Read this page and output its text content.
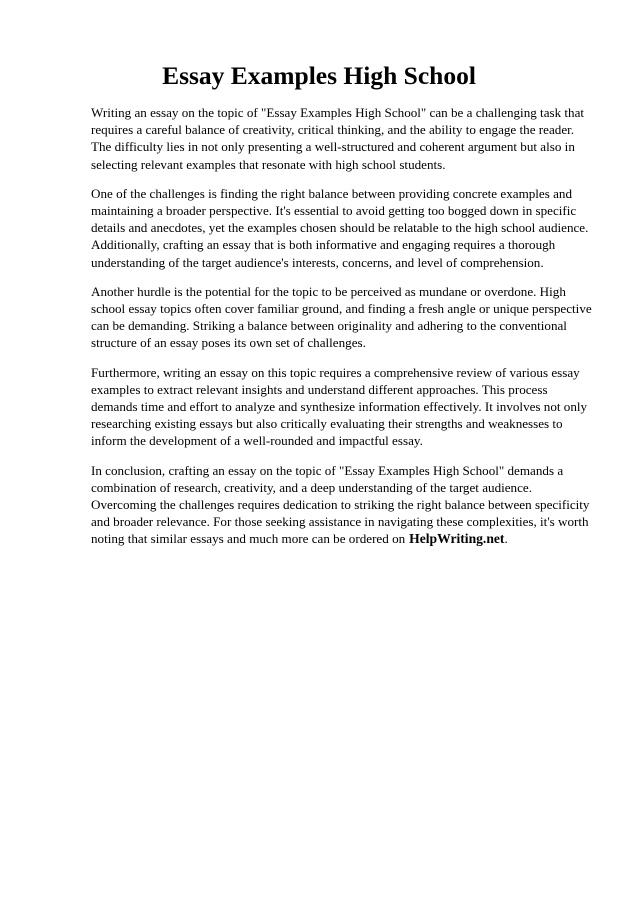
Essay Examples High School

Writing an essay on the topic of "Essay Examples High School" can be a challenging task that requires a careful balance of creativity, critical thinking, and the ability to engage the reader. The difficulty lies in not only presenting a well-structured and coherent argument but also in selecting relevant examples that resonate with high school students.

One of the challenges is finding the right balance between providing concrete examples and maintaining a broader perspective. It's essential to avoid getting too bogged down in specific details and anecdotes, yet the examples chosen should be relatable to the high school audience. Additionally, crafting an essay that is both informative and engaging requires a thorough understanding of the target audience's interests, concerns, and level of comprehension.

Another hurdle is the potential for the topic to be perceived as mundane or overdone. High school essay topics often cover familiar ground, and finding a fresh angle or unique perspective can be demanding. Striking a balance between originality and adhering to the conventional structure of an essay poses its own set of challenges.

Furthermore, writing an essay on this topic requires a comprehensive review of various essay examples to extract relevant insights and understand different approaches. This process demands time and effort to analyze and synthesize information effectively. It involves not only researching existing essays but also critically evaluating their strengths and weaknesses to inform the development of a well-rounded and impactful essay.

In conclusion, crafting an essay on the topic of "Essay Examples High School" demands a combination of research, creativity, and a deep understanding of the target audience. Overcoming the challenges requires dedication to striking the right balance between specificity and broader relevance. For those seeking assistance in navigating these complexities, it's worth noting that similar essays and much more can be ordered on HelpWriting.net.
